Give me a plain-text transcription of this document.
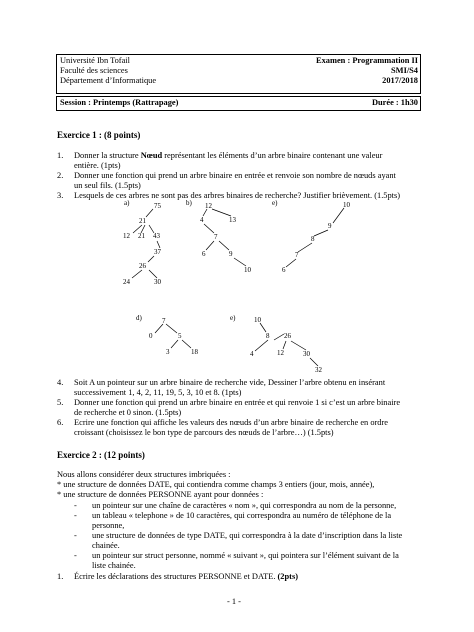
Université Ibn Tofail
Faculté des sciences
Département d’Informatique
Examen : Programmation II
SMI/S4
2017/2018
Session : Printemps (Rattrapage)	Durée : 1h30
Exercice 1 : (8 points)
1. Donner la structure Nœud représentant les éléments d’un arbre binaire contenant une valeur
entière. (1pts)
2. Donner une fonction qui prend un arbre binaire en entrée et renvoie son nombre de nœuds ayant
un seul fils. (1.5pts)
3. Lesquels de ces arbres ne sont pas des arbres binaires de recherche? Justifier brièvement. (1.5pts)
a)	75
21
12 21 43
37
26
24	30
b) 12
4	13
7
6	9
10
e)	10
9
8
7
6
d)	7
0	5
3	18
e)	10
8 26
4	12	30
32
4. Soit A un pointeur sur un arbre binaire de recherche vide, Dessiner l’arbre obtenu en insérant
successivement 1, 4, 2, 11, 19, 5, 3, 10 et 8. (1pts)
5. Donner une fonction qui prend un arbre binaire en entrée et qui renvoie 1 si c’est un arbre binaire
de recherche et 0 sinon. (1.5pts)
6. Ecrire une fonction qui affiche les valeurs des nœuds d’un arbre binaire de recherche en ordre
croissant (choisissez le bon type de parcours des nœuds de l’arbre…) (1.5pts)
Exercice 2 : (12 points)
Nous allons considérer deux structures imbriquées :
* une structure de données DATE, qui contiendra comme champs 3 entiers (jour, mois, année),
* une structure de données PERSONNE ayant pour données :
- un pointeur sur une chaîne de caractères « nom », qui correspondra au nom de la personne,
- un tableau « telephone » de 10 caractères, qui correspondra au numéro de téléphone de la
personne,
- une structure de données de type DATE, qui correspondra à la date d’inscription dans la liste
chainée.
- un pointeur sur struct personne, nommé « suivant », qui pointera sur l’élément suivant de la
liste chainée.
1. Écrire les déclarations des structures PERSONNE et DATE. (2pts)
- 1 -
